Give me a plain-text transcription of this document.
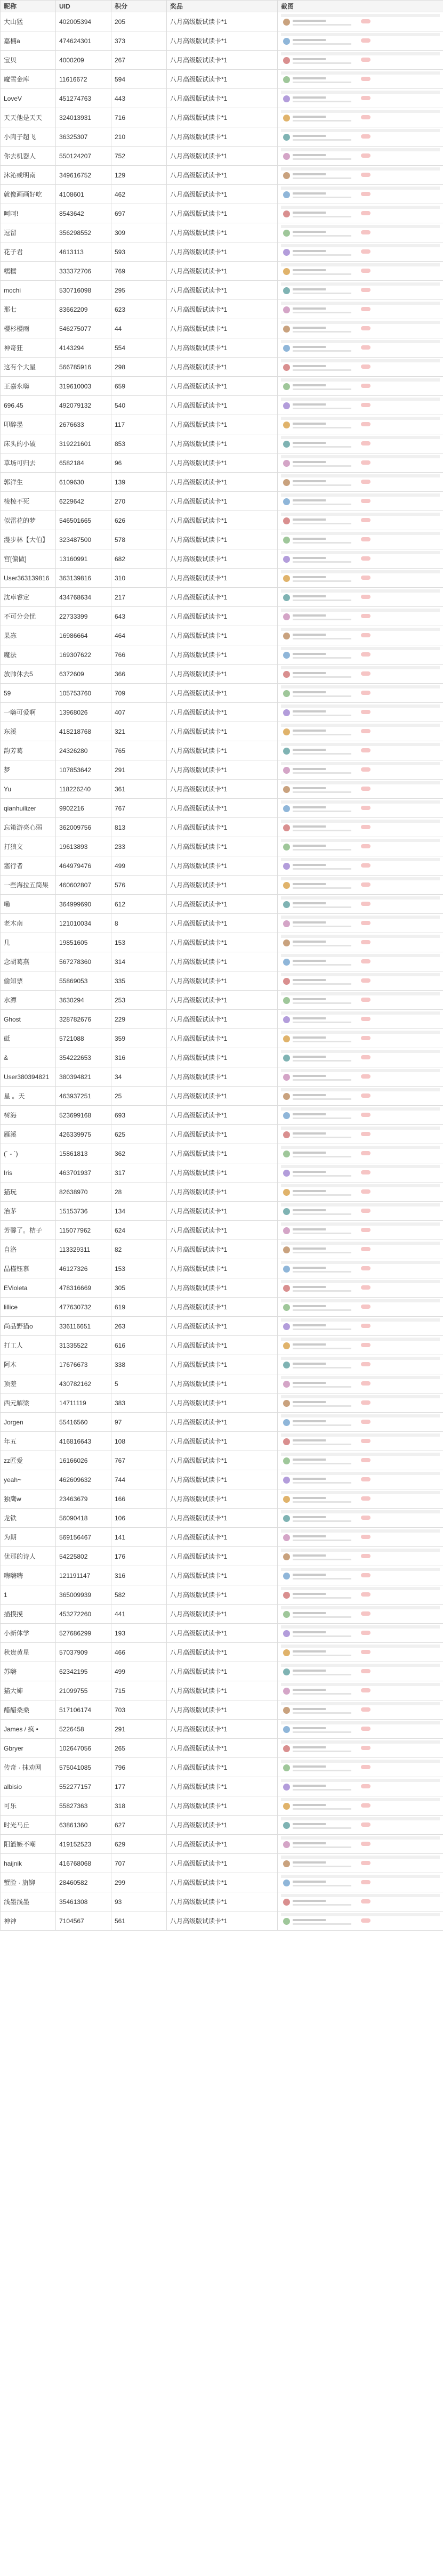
昵称	UID	积分	奖品	截图
大山猛	402005394	205	八月高级版试读卡*1	

嘉楠a	474624301	373	八月高级版试读卡*1	

宝贝	4000209	267	八月高级版试读卡*1	

魔雪金库	11616672	594	八月高级版试读卡*1	

LoveV	451274763	443	八月高级版试读卡*1	

天天他是天天	324013931	716	八月高级版试读卡*1	

小肉子超飞	36325307	210	八月高级版试读卡*1	

你去机器人	550124207	752	八月高级版试读卡*1	

沐沁或明南	349616752	129	八月高级版试读卡*1	

就像画画好吃	4108601	462	八月高级版试读卡*1	

呵呵!	8543642	697	八月高级版试读卡*1	

逗留	356298552	309	八月高级版试读卡*1	

花子君	4613113	593	八月高级版试读卡*1	

糯糯	333372706	769	八月高级版试读卡*1	

mochi	530716098	295	八月高级版试读卡*1	

那七	83662209	623	八月高级版试读卡*1	

樱杉樱雨	546275077	44	八月高级版试读卡*1	

神奇狂	4143294	554	八月高级版试读卡*1	

这有个大星	566785916	298	八月高级版试读卡*1	

王嘉永嗨	319610003	659	八月高级版试读卡*1	

696.45	492079132	540	八月高级版试读卡*1	

叩醉墨	2676633	117	八月高级版试读卡*1	

床头的小破	319221601	853	八月高级版试读卡*1	

草场可归去	6582184	96	八月高级版试读卡*1	

郭洋生	6109630	139	八月高级版试读卡*1	

棱棱不死	6229642	270	八月高级版试读卡*1	

似雷花的梦	546501665	626	八月高级版试读卡*1	

漫步林【大伯】	323487500	578	八月高级版试读卡*1	

宫[偏做]	13160991	682	八月高级版试读卡*1	

User363139816	363139816	310	八月高级版试读卡*1	

沈卓睿定	434768634	217	八月高级版试读卡*1	

不可分会忧	22733399	643	八月高级版试读卡*1	

果冻	16986664	464	八月高级版试读卡*1	

魔法	169307622	766	八月高级版试读卡*1	

放帅休去5	6372609	366	八月高级版试读卡*1	

59	105753760	709	八月高级版试读卡*1	

一嗨可爱啊	13968026	407	八月高级版试读卡*1	

东溪	418218768	321	八月高级版试读卡*1	

韵芳葛	24326280	765	八月高级版试读卡*1	

梦	107853642	291	八月高级版试读卡*1	

Yu	118226240	361	八月高级版试读卡*1	

qianhuilizer	9902216	767	八月高级版试读卡*1	

忘策游亮心弱	362009756	813	八月高级版试读卡*1	

打狼文	19613893	233	八月高级版试读卡*1	

塞行者	464979476	499	八月高级版试读卡*1	

一些海拉五筒果	460602807	576	八月高级版试读卡*1	

嘞	364999690	612	八月高级版试读卡*1	

老木南	121010034	8	八月高级版试读卡*1	

几	19851605	153	八月高级版试读卡*1	

念胡葛燕	567278360	314	八月高级版试读卡*1	

偷知票	55869053	335	八月高级版试读卡*1	

水潭	3630294	253	八月高级版试读卡*1	

Ghost	328782676	229	八月高级版试读卡*1	

砥	5721088	359	八月高级版试读卡*1	

&	354222653	316	八月高级版试读卡*1	

User380394821	380394821	34	八月高级版试读卡*1	

星 。天	463937251	25	八月高级版试读卡*1	

树海	523699168	693	八月高级版试读卡*1	

雁溪	426339975	625	八月高级版试读卡*1	

(´ - `)	15861813	362	八月高级版试读卡*1	

Iris	463701937	317	八月高级版试读卡*1	

猫玩	82638970	28	八月高级版试读卡*1	

治茅	15153736	134	八月高级版试读卡*1	

芳馨了。桔子	115077962	624	八月高级版试读卡*1	

自洛	113329311	82	八月高级版试读卡*1	

晶槿钰慕	46127326	153	八月高级版试读卡*1	

EVioleta	478316669	305	八月高级版试读卡*1	

lillice	477630732	619	八月高级版试读卡*1	

尚品野猫o	336116651	263	八月高级版试读卡*1	

打工人	31335522	616	八月高级版试读卡*1	

阿木	17676673	338	八月高级版试读卡*1	

顶差	430782162	5	八月高级版试读卡*1	

西元解梁	14711119	383	八月高级版试读卡*1	

Jorgen	55416560	97	八月高级版试读卡*1	

年五	416816643	108	八月高级版试读卡*1	

zz匠爱	16166026	767	八月高级版试读卡*1	

yeah~	462609632	744	八月高级版试读卡*1	

独鹰w	23463679	166	八月高级版试读卡*1	

龙铁	56090418	106	八月高级版试读卡*1	

为期	569156467	141	八月高级版试读卡*1	

优那的诗人	54225802	176	八月高级版试读卡*1	

嗨嗨嗨	121191147	316	八月高级版试读卡*1	

1	365009939	582	八月高级版试读卡*1	

描摸摸	453272260	441	八月高级版试读卡*1	

小新体学	527686299	193	八月高级版试读卡*1	

秋贵黄星	57037909	466	八月高级版试读卡*1	

苏嗨	62342195	499	八月高级版试读卡*1	

猫大婶	21099755	715	八月高级版试读卡*1	

醋醋桑桑	517106174	703	八月高级版试读卡*1	

James / 疯 •	5226458	291	八月高级版试读卡*1	

Gbryer	102647056	265	八月高级版试读卡*1	

传奇 · 抹劝网	575041085	796	八月高级版试读卡*1	

albisio	552277157	177	八月高级版试读卡*1	

可乐	55827363	318	八月高级版试读卡*1	

时光马丘	63861360	627	八月高级版试读卡*1	

阳篮嫉不嘲	419152523	629	八月高级版试读卡*1	

haijnik	416768068	707	八月高级版试读卡*1	

蟹脸 · 旃铆	28460582	299	八月高级版试读卡*1	

浅墨浅墨	35461308	93	八月高级版试读卡*1	

神神	7104567	561	八月高级版试读卡*1	
